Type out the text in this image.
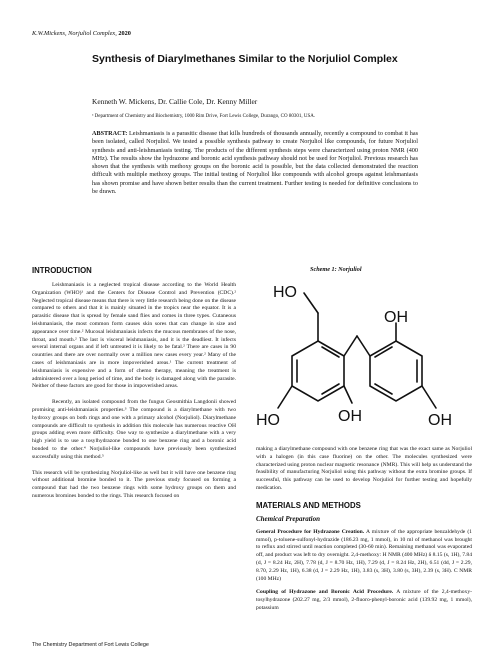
K.W.Mickens, Norjuliol Complex, 2020
Synthesis of Diarylmethanes Similar to the Norjuliol Complex
Kenneth W. Mickens, Dr. Callie Cole, Dr. Kenny Miller
ᵃ Department of Chemistry and Biochemistry, 1000 Rim Drive, Fort Lewis College, Durango, CO 80301, USA.
ABSTRACT: Leishmaniasis is a parasitic disease that kills hundreds of thousands annually, recently a compound to combat it has been isolated, called Norjuliol. We tested a possible synthesis pathway to create Norjuliol like compounds, for future Norjuliol synthesis and anti-leishmaniasis testing. The products of the different synthesis steps were characterized using proton NMR (400 MHz). The results show the hydrazone and boronic acid synthesis pathway should not be used for Norjuliol. Previous research has shown that the synthesis with methoxy groups on the boronic acid is possible, but the data collected demonstrated the reaction difficult with multiple methoxy groups. The initial testing of Norjuliol like compounds with alcohol groups against leishmaniasis has shown promise and have shown better results than the current treatment. Further testing is needed for definitive conclusions to be drawn.
INTRODUCTION

Leishmaniasis is a neglected tropical disease according to the World Health Organization (WHO)¹ and the Centers for Disease Control and Prevention (CDC).² Neglected tropical disease means that there is very little research being done on the disease compared to others and that it is mainly situated in the tropics near the equator. It is a parasitic disease that is spread by female sand flies and comes in three types. Cutaneous leishmaniasis, the most common form causes skin sores that can change in size and appearance over time.² Mucosal leishmaniasis infects the mucous membranes of the nose, throat, and mouth.² The last is visceral leishmaniasis, and it is the deadliest. It infects several internal organs and if left untreated it is likely to be fatal.² There are cases in 90 countries and there are over normally over a million new cases every year.² Many of the cases of leishmaniasis are in more impoverished areas.¹ The current treatment of leishmaniasis is expensive and a form of chemo therapy, meaning the treatment is administered over a long period of time, and the body is damaged along with the parasite. Neither of these factors are good for those in impoverished areas.

Recently, an isolated compound from the fungus Geosmithia Langdonii showed promising anti-leishmaniasis properties.³ The compound is a diarylmethane with two hydroxy groups on both rings and one with a primary alcohol (Norjuliol). Diarylmethane compounds are difficult to synthesis in addition this molecule has numerous reactive OH groups adding even more difficulty. One way to synthesize a diarylmethane with a very high yield is to use a tosylhydrazone bonded to one benzene ring and a boronic acid bonded to the other.⁴ Norjuliol-like compounds have previously been synthesized successfully using this method.⁵

This research will be synthesizing Norjuliol-like as well but it will have one benzene ring without additional bromine bonded to it. The previous study focused on forming a compound that had the two benzene rings with some hydroxy groups on them and numerous bromines bonded to the rings. This research focused on

Scheme 1: Norjuliol
HO
OH
HO	OH	OH

making a diarylmethane compound with one benzene ring that was the exact same as Norjuliol with a halogen (in this case fluorine) on the other. The molecules synthesized were characterized using proton nuclear magnetic resonance (NMR). This will help us understand the feasibility of manufacturing Norjuliol using this pathway without the extra bromine groups. If successful, this pathway can be used to develop Norjuliol for further testing and hopefully medication.

MATERIALS AND METHODS
Chemical Preparation

General Procedure for Hydrazone Creation. A mixture of the appropriate benzaldehyde (1 mmol), p-toluene-sulfonyl-hydrazide (186.23 mg, 1 mmol), in 10 ml of methanol was brought to reflux and stirred until reaction completed (30-60 min). Remaining methanol was evaporated off, and product was left to dry overnight. 2,4-methoxy: H NMR (400 MHz) δ 8.15 (s, 1H), 7.84 (d, J = 8.24 Hz, 2H), 7.78 (d, J = 8.70 Hz, 1H), 7.29 (d, J = 8.24 Hz, 2H), 6.51 (dd, J = 2.29, 8.70, 2.29 Hz, 1H), 6.38 (d, J = 2.29 Hz, 1H), 3.83 (s, 3H), 3.80 (s, 3H), 2.39 (s, 3H). C NMR (100 MHz)

Coupling of Hydrazone and Boronic Acid Procedure. A mixture of the 2,4-methoxy-tosylhydrazone (202.27 mg, 2/3 mmol), 2-fluoro-phenyl-boronic acid (139.92 mg, 1 mmol), potassium

The Chemistry Department of Fort Lewis College
